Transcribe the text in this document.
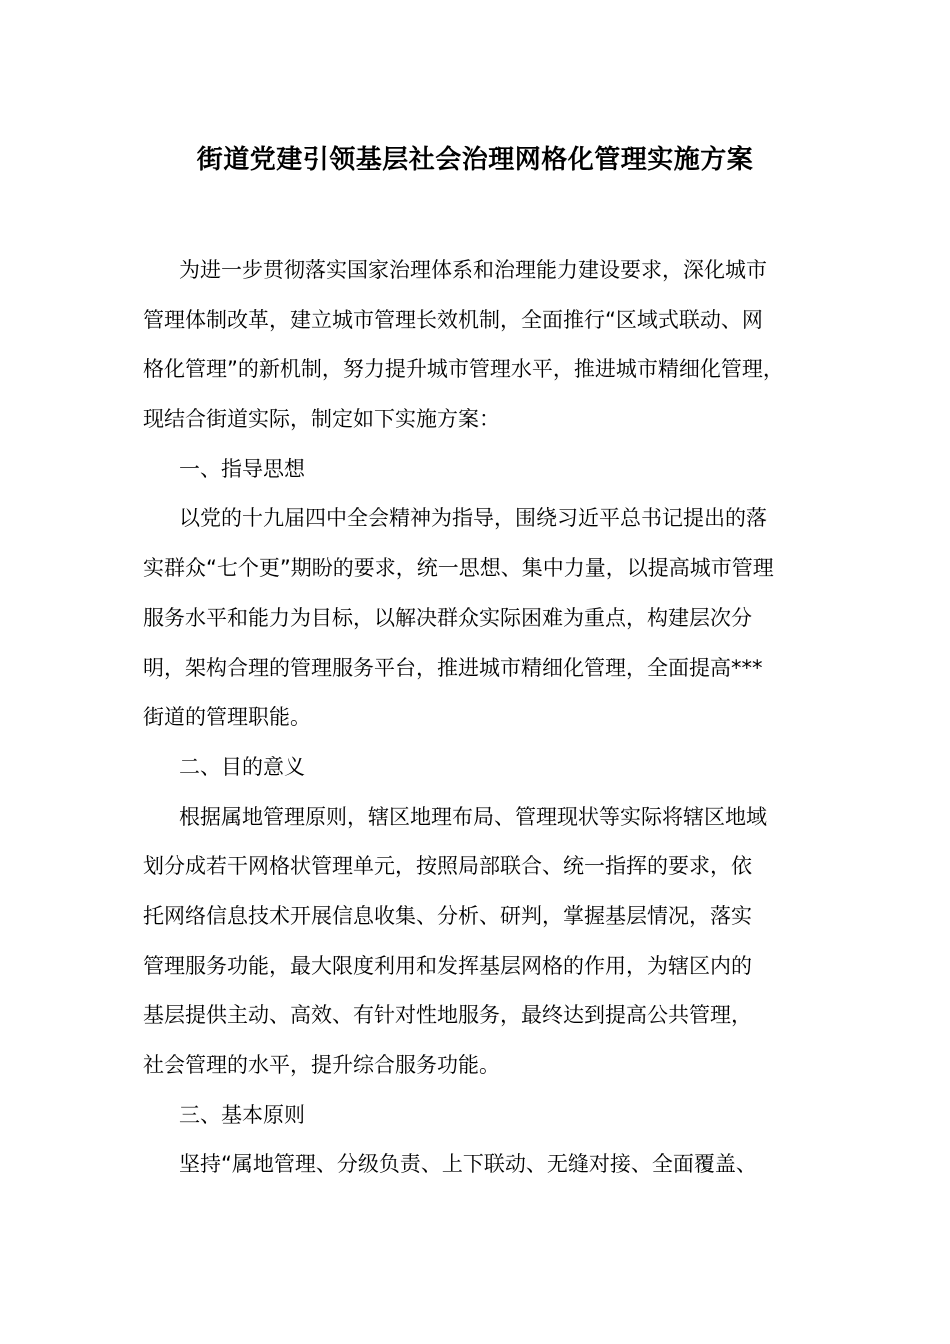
街道党建引领基层社会治理网格化管理实施方案
为进一步贯彻落实国家治理体系和治理能力建设要求，深化城市
管理体制改革，建立城市管理长效机制，全面推行“区域式联动、网
格化管理”的新机制，努力提升城市管理水平，推进城市精细化管理，
现结合街道实际，制定如下实施方案：
一、指导思想
以党的十九届四中全会精神为指导，围绕习近平总书记提出的落
实群众“七个更”期盼的要求，统一思想、集中力量，以提高城市管理
服务水平和能力为目标，以解决群众实际困难为重点，构建层次分
明，架构合理的管理服务平台，推进城市精细化管理，全面提高***
街道的管理职能。
二、目的意义
根据属地管理原则，辖区地理布局、管理现状等实际将辖区地域
划分成若干网格状管理单元，按照局部联合、统一指挥的要求，依
托网络信息技术开展信息收集、分析、研判，掌握基层情况，落实
管理服务功能，最大限度利用和发挥基层网格的作用，为辖区内的
基层提供主动、高效、有针对性地服务，最终达到提高公共管理，
社会管理的水平，提升综合服务功能。
三、基本原则
坚持“属地管理、分级负责、上下联动、无缝对接、全面覆盖、
